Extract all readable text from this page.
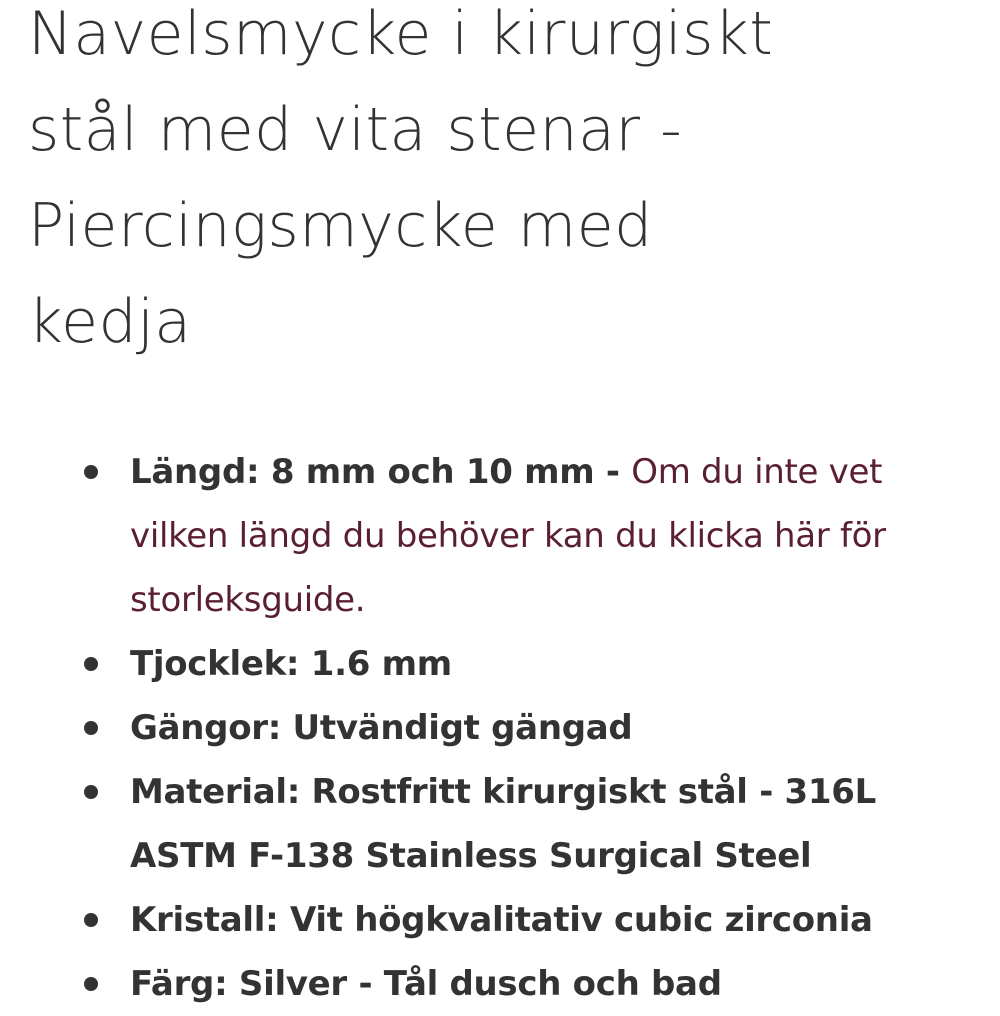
Navelsmycke i kirurgiskt
stål med vita stenar -
Piercingsmycke med
kedja
Längd: 8 mm och 10 mm - Om du inte vet vilken längd du behöver kan du klicka här för storleksguide.
Tjocklek: 1.6 mm
Gängor: Utvändigt gängad
Material: Rostfritt kirurgiskt stål - 316L ASTM F-138 Stainless Surgical Steel
Kristall: Vit högkvalitativ cubic zirconia
Färg: Silver - Tål dusch och bad
